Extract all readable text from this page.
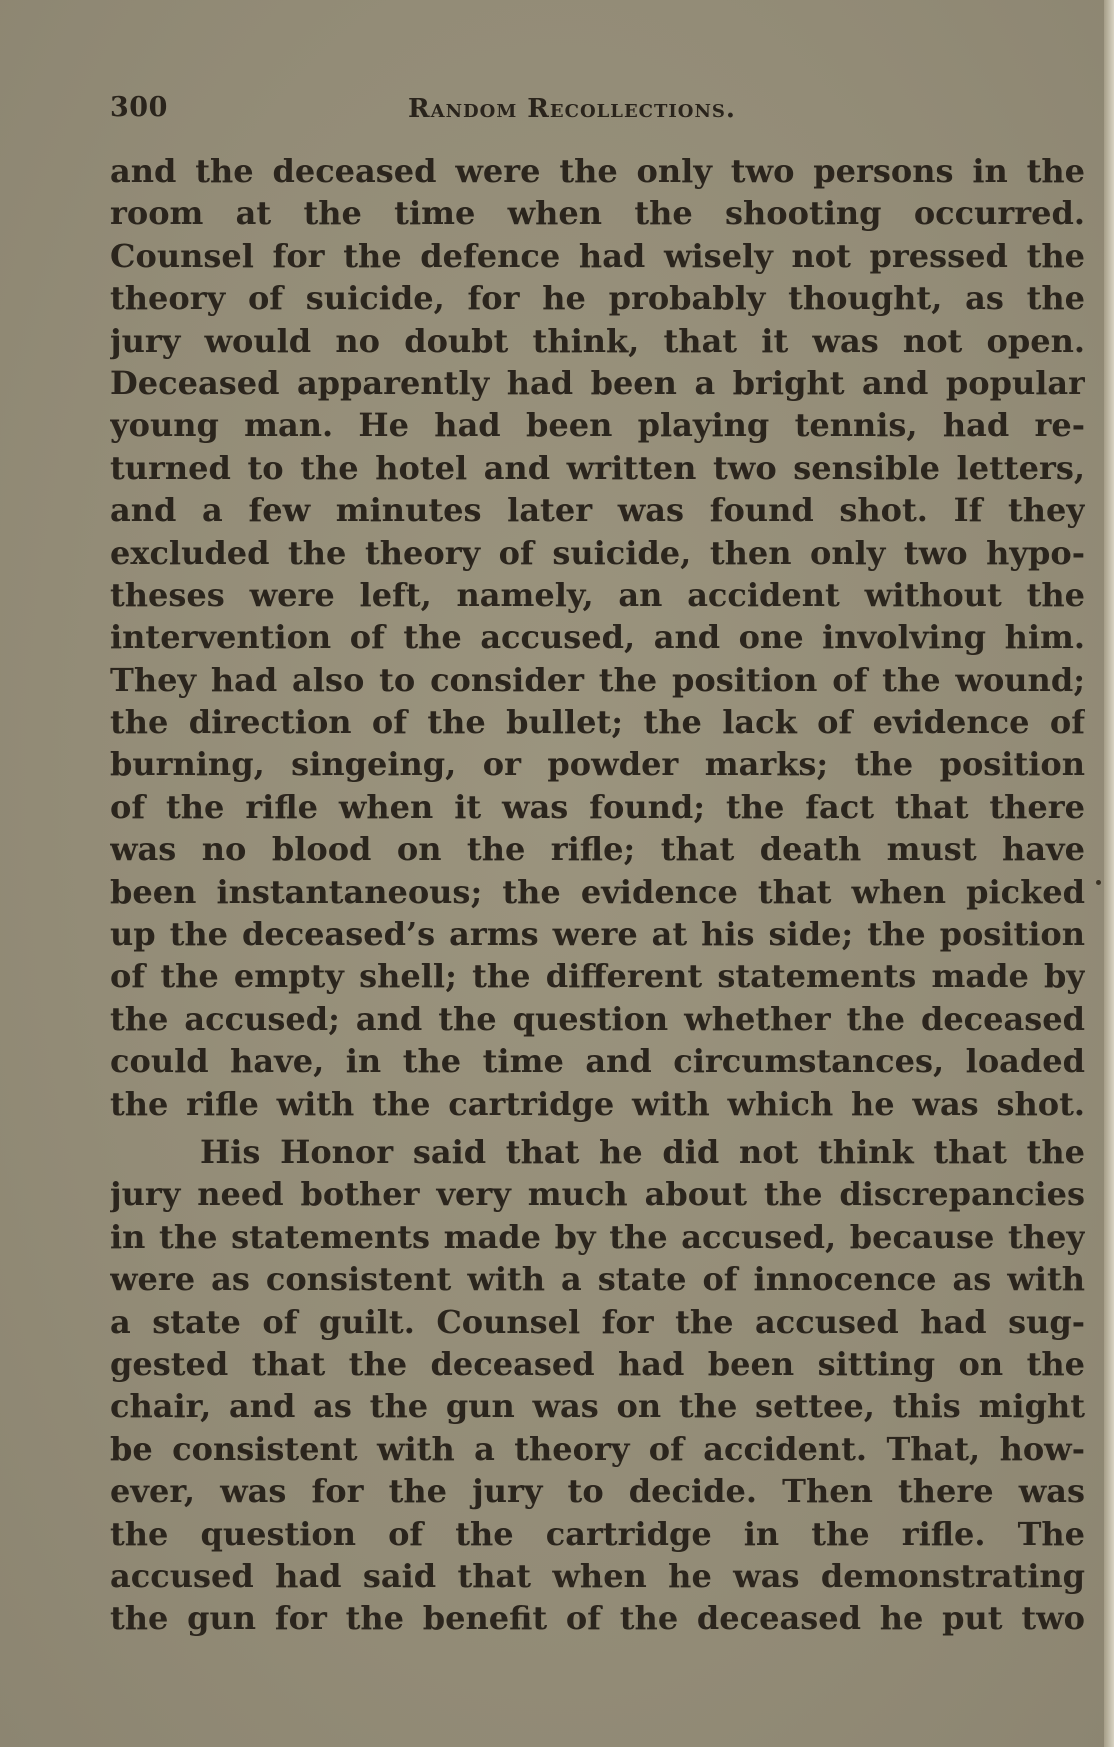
300	Random Recollections.
and the deceased were the only two persons in the
room at the time when the shooting occurred.
Counsel for the defence had wisely not pressed the
theory of suicide, for he probably thought, as the
jury would no doubt think, that it was not open.
Deceased apparently had been a bright and popular
young man. He had been playing tennis, had re-
turned to the hotel and written two sensible letters,
and a few minutes later was found shot. If they
excluded the theory of suicide, then only two hypo-
theses were left, namely, an accident without the
intervention of the accused, and one involving him.
They had also to consider the position of the wound;
the direction of the bullet; the lack of evidence of
burning, singeing, or powder marks; the position
of the rifle when it was found; the fact that there
was no blood on the rifle; that death must have
been instantaneous; the evidence that when picked
up the deceased’s arms were at his side; the position
of the empty shell; the different statements made by
the accused; and the question whether the deceased
could have, in the time and circumstances, loaded
the rifle with the cartridge with which he was shot.
His Honor said that he did not think that the
jury need bother very much about the discrepancies
in the statements made by the accused, because they
were as consistent with a state of innocence as with
a state of guilt. Counsel for the accused had sug-
gested that the deceased had been sitting on the
chair, and as the gun was on the settee, this might
be consistent with a theory of accident. That, how-
ever, was for the jury to decide. Then there was
the question of the cartridge in the rifle. The
accused had said that when he was demonstrating
the gun for the benefit of the deceased he put two
